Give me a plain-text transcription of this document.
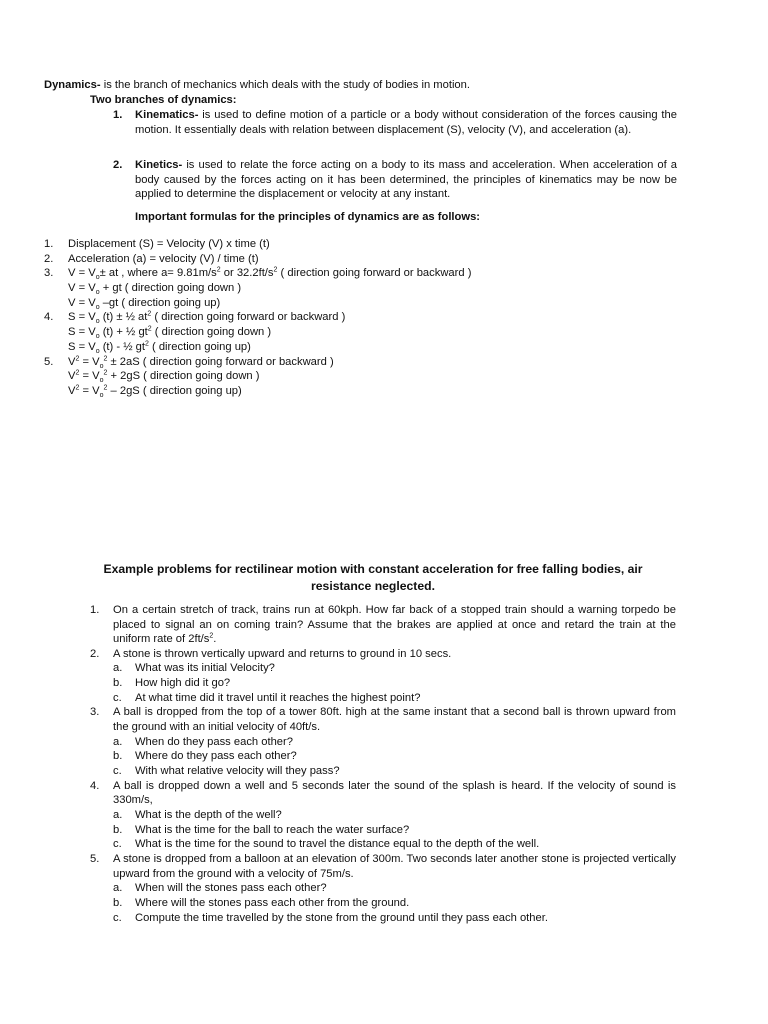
Dynamics- is the branch of mechanics which deals with the study of bodies in motion.
Two branches of dynamics:
1. Kinematics- is used to define motion of a particle or a body without consideration of the forces causing the motion. It essentially deals with relation between displacement (S), velocity (V), and acceleration (a).
2. Kinetics- is used to relate the force acting on a body to its mass and acceleration. When acceleration of a body caused by the forces acting on it has been determined, the principles of kinematics may be now be applied to determine the displacement or velocity at any instant.
Important formulas for the principles of dynamics are as follows:
1. Displacement (S) = Velocity (V) x time (t)
2. Acceleration (a) = velocity (V) / time (t)
3. $V = V_o\pm$ at , where $a= 9.81m/s^2$ or $32.2ft/s^2$ ( direction going forward or backward )
$V = V_o$ + gt ( direction going down )
$V = V_o$ –gt ( direction going up)
4. $S = V_o$ (t) ± ½ $at^2$ ( direction going forward or backward )
$S = V_o$ (t) + ½ $gt^2$ ( direction going down )
$S = V_o$ (t) - ½ $gt^2$ ( direction going up)
5. $V^2 = V_o^2 \pm 2aS$ ( direction going forward or backward )
$V^2 = V_o^2 + 2gS$ ( direction going down )
$V^2 = V_o^2 - 2gS$ ( direction going up)
Example problems for rectilinear motion with constant acceleration for free falling bodies, air resistance neglected.
1. On a certain stretch of track, trains run at 60kph. How far back of a stopped train should a warning torpedo be placed to signal an on coming train? Assume that the brakes are applied at once and retard the train at the uniform rate of $2ft/s^2$.
2. A stone is thrown vertically upward and returns to ground in 10 secs.
a. What was its initial Velocity?
b. How high did it go?
c. At what time did it travel until it reaches the highest point?
3. A ball is dropped from the top of a tower 80ft. high at the same instant that a second ball is thrown upward from the ground with an initial velocity of 40ft/s.
a. When do they pass each other?
b. Where do they pass each other?
c. With what relative velocity will they pass?
4. A ball is dropped down a well and 5 seconds later the sound of the splash is heard. If the velocity of sound is 330m/s,
a. What is the depth of the well?
b. What is the time for the ball to reach the water surface?
c. What is the time for the sound to travel the distance equal to the depth of the well.
5. A stone is dropped from a balloon at an elevation of 300m. Two seconds later another stone is projected vertically upward from the ground with a velocity of 75m/s.
a. When will the stones pass each other?
b. Where will the stones pass each other from the ground.
c. Compute the time travelled by the stone from the ground until they pass each other.
